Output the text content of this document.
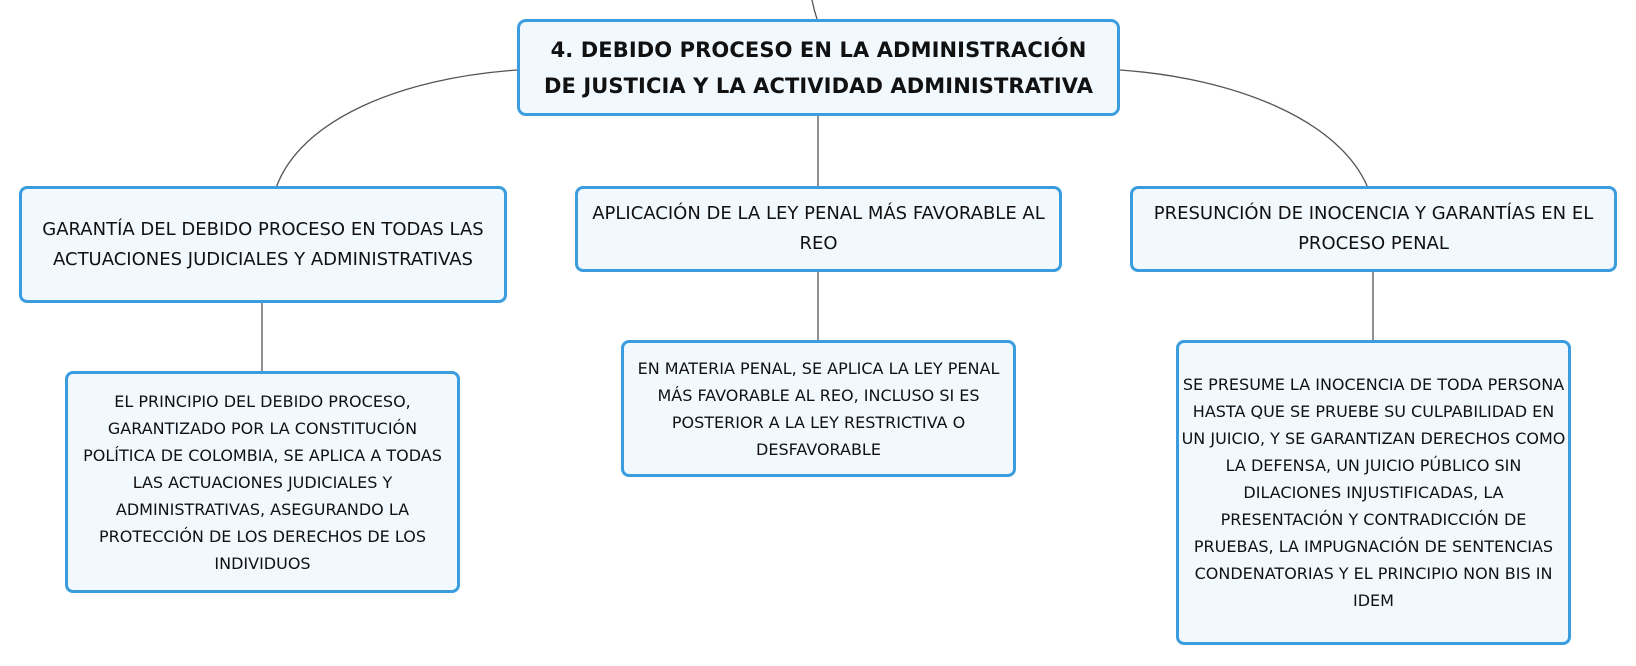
4. DEBIDO PROCESO EN LA ADMINISTRACIÓN DE JUSTICIA Y LA ACTIVIDAD ADMINISTRATIVA
GARANTÍA DEL DEBIDO PROCESO EN TODAS LAS ACTUACIONES JUDICIALES Y ADMINISTRATIVAS
APLICACIÓN DE LA LEY PENAL MÁS FAVORABLE AL REO
PRESUNCIÓN DE INOCENCIA Y GARANTÍAS EN EL PROCESO PENAL
EL PRINCIPIO DEL DEBIDO PROCESO, GARANTIZADO POR LA CONSTITUCIÓN POLÍTICA DE COLOMBIA, SE APLICA A TODAS LAS ACTUACIONES JUDICIALES Y ADMINISTRATIVAS, ASEGURANDO LA PROTECCIÓN DE LOS DERECHOS DE LOS INDIVIDUOS
EN MATERIA PENAL, SE APLICA LA LEY PENAL MÁS FAVORABLE AL REO, INCLUSO SI ES POSTERIOR A LA LEY RESTRICTIVA O DESFAVORABLE
SE PRESUME LA INOCENCIA DE TODA PERSONA HASTA QUE SE PRUEBE SU CULPABILIDAD EN UN JUICIO, Y SE GARANTIZAN DERECHOS COMO LA DEFENSA, UN JUICIO PÚBLICO SIN DILACIONES INJUSTIFICADAS, LA PRESENTACIÓN Y CONTRADICCIÓN DE PRUEBAS, LA IMPUGNACIÓN DE SENTENCIAS CONDENATORIAS Y EL PRINCIPIO NON BIS IN IDEM
